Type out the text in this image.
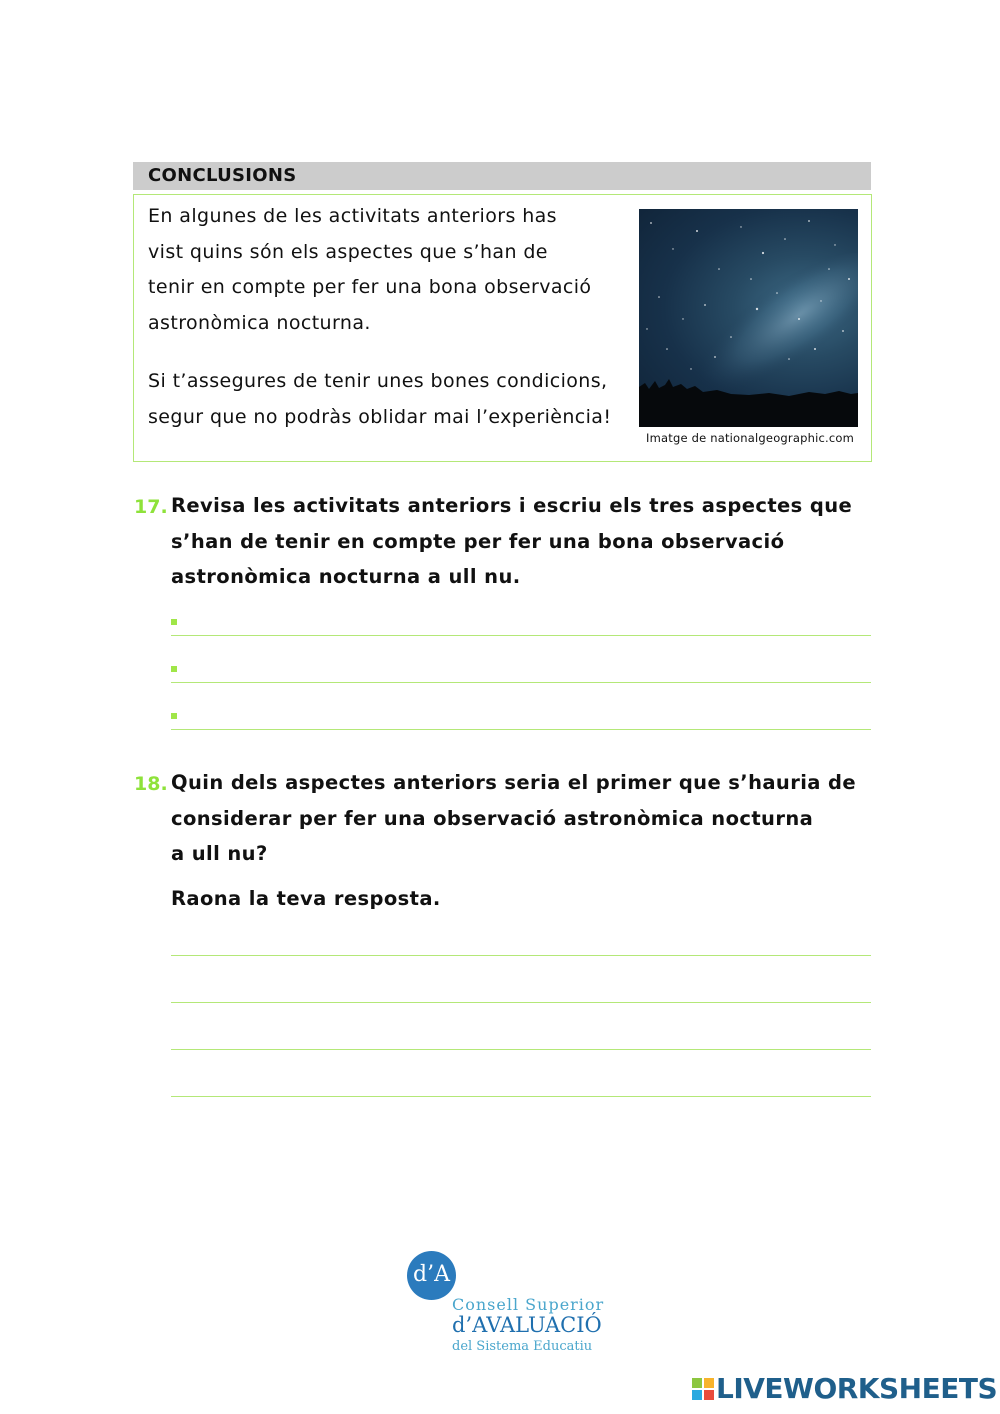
CONCLUSIONS
En algunes de les activitats anteriors has
vist quins són els aspectes que s’han de
tenir en compte per fer una bona observació
astronòmica nocturna.
Si t’assegures de tenir unes bones condicions,
segur que no podràs oblidar mai l’experiència!
Imatge de nationalgeographic.com
17. Revisa les activitats anteriors i escriu els tres aspectes que
s’han de tenir en compte per fer una bona observació
astronòmica nocturna a ull nu.
18. Quin dels aspectes anteriors seria el primer que s’hauria de
considerar per fer una observació astronòmica nocturna
a ull nu?
Raona la teva resposta.
d’A
Consell Superior
d’AVALUACIÓ
del Sistema Educatiu
LIVEWORKSHEETS
